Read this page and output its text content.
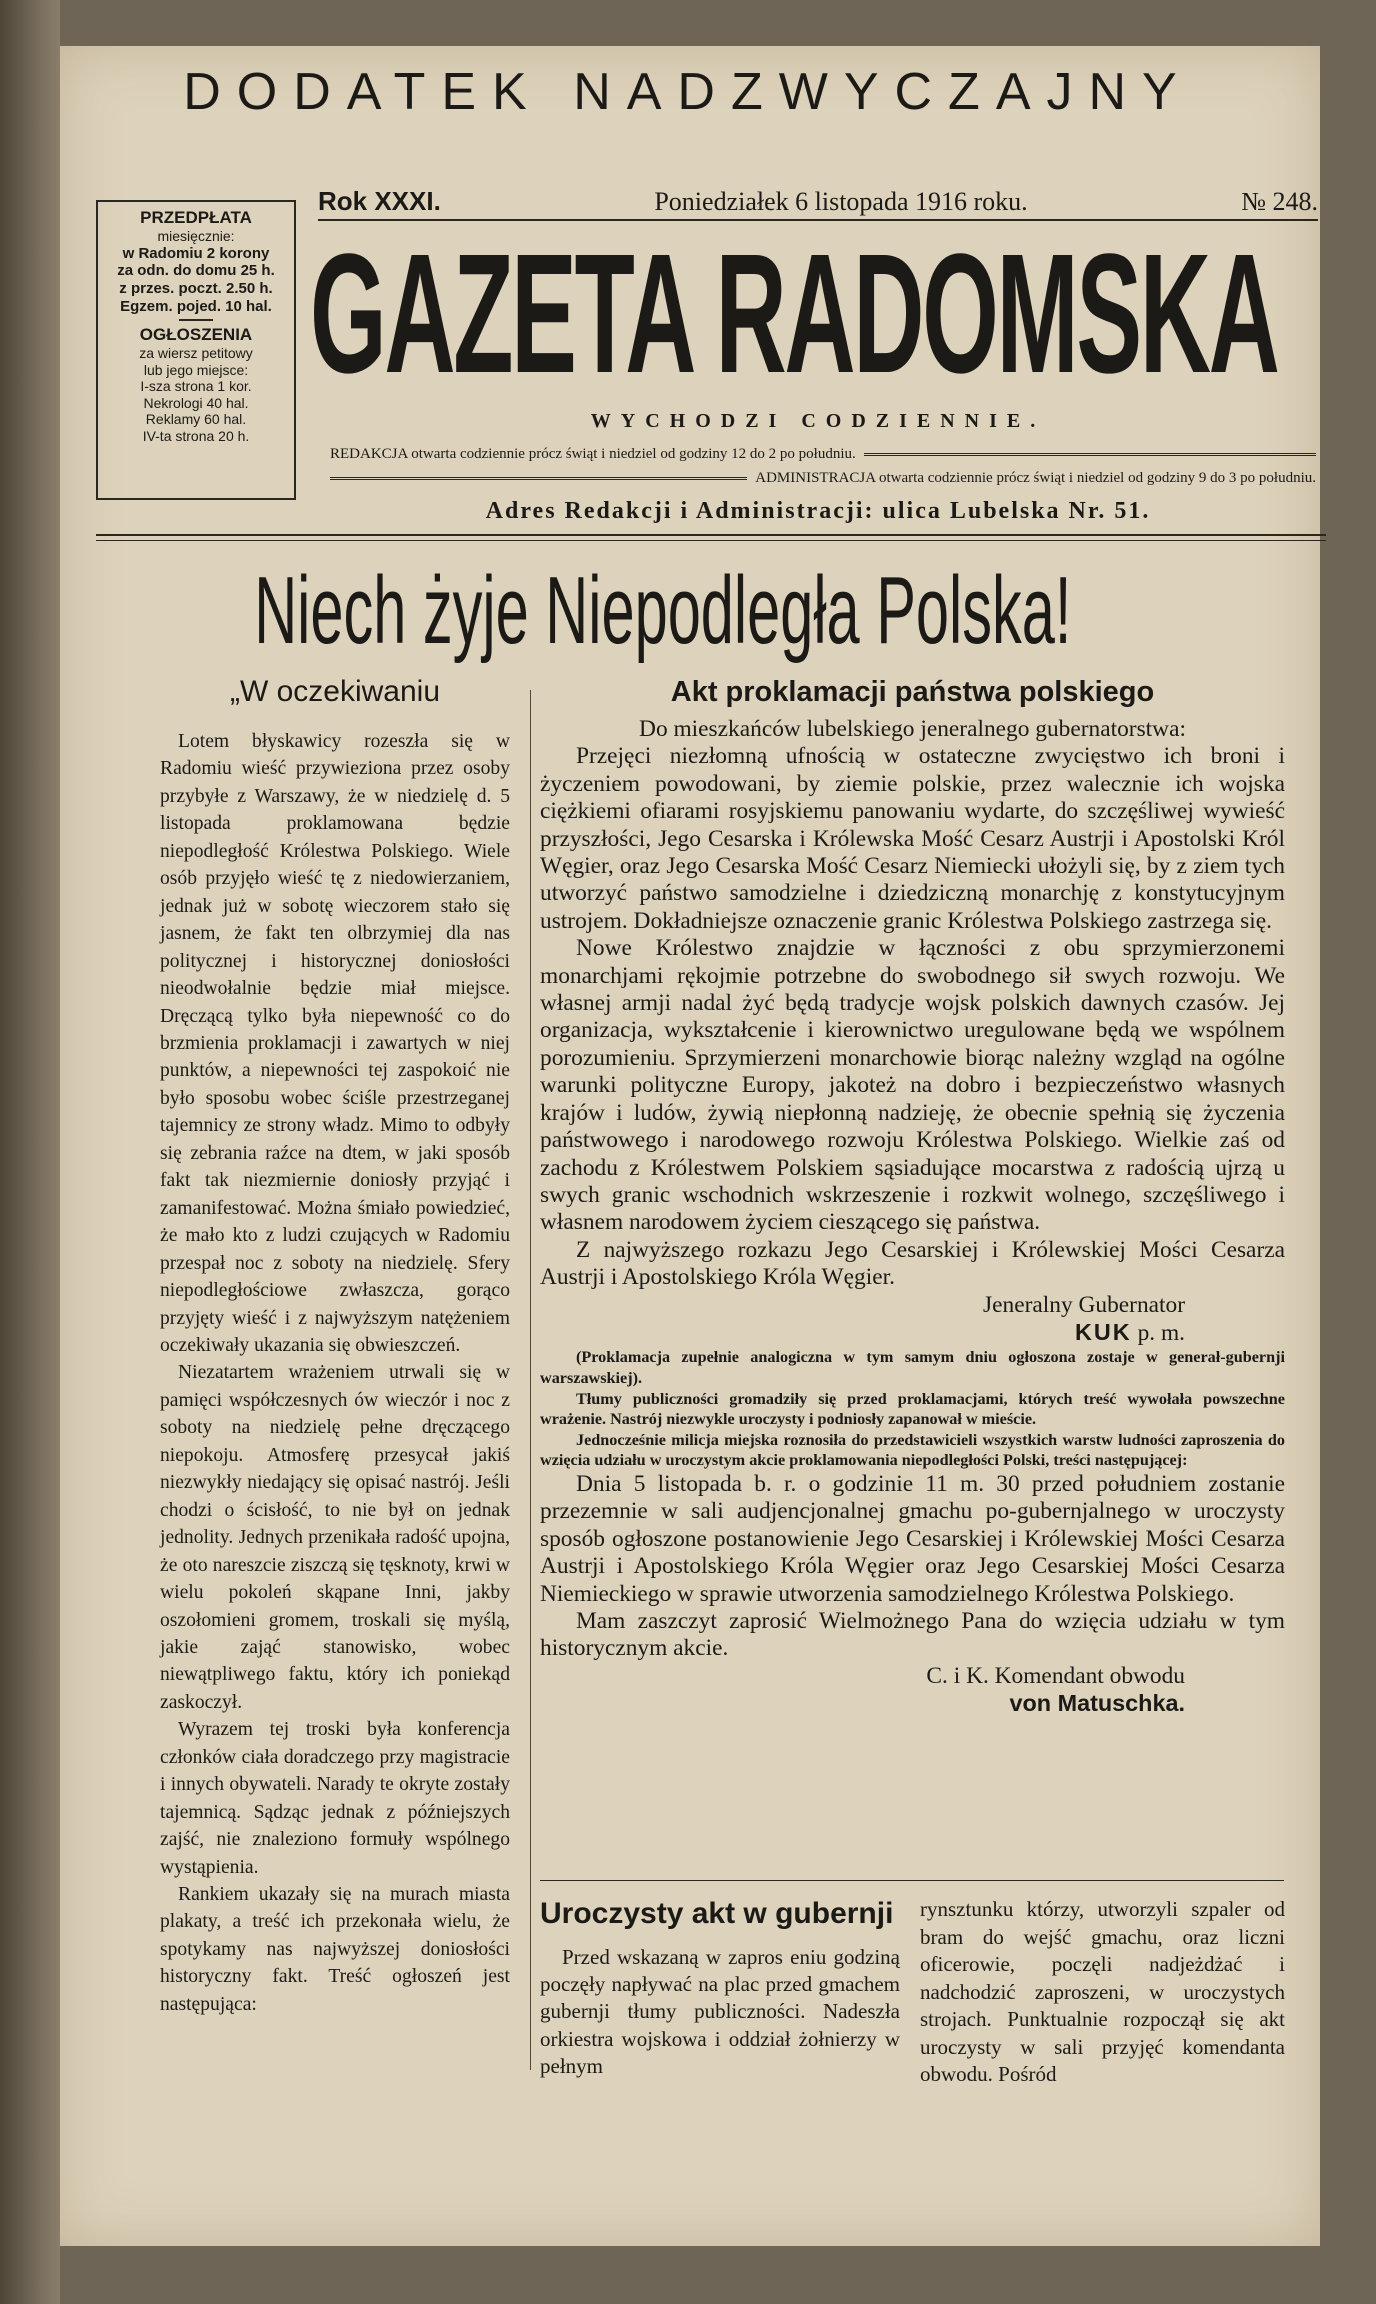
DODATEK NADZWYCZAJNY
PRZEDPŁATA
miesięcznie:
w Radomiu 2 korony
za odn. do domu 25 h.
z przes. poczt. 2.50 h.
Egzem. pojed. 10 hal.
OGŁOSZENIA
za wiersz petitowy
lub jego miejsce:
I-sza strona 1 kor.
Nekrologi 40 hal.
Reklamy 60 hal.
IV-ta strona 20 h.
Rok XXXI.	Poniedziałek 6 listopada 1916 roku.	№ 248.
GAZETA RADOMSKA
WYCHODZI CODZIENNIE.
REDAKCJA otwarta codziennie prócz świąt i niedziel od godziny 12 do 2 po południu.
ADMINISTRACJA otwarta codziennie prócz świąt i niedziel od godziny 9 do 3 po południu.
Adres Redakcji i Administracji: ulica Lubelska Nr. 51.
Niech żyje Niepodległa Polska!
„W oczekiwaniu

Lotem błyskawicy rozeszła się w Radomiu wieść przywieziona przez osoby przybyłe z Warszawy, że w niedzielę d. 5 listopada proklamowana będzie niepodległość Królestwa Polskiego. Wiele osób przyjęło wieść tę z niedowierzaniem, jednak już w sobotę wieczorem stało się jasnem, że fakt ten olbrzymiej dla nas politycznej i historycznej doniosłości nieodwołalnie będzie miał miejsce. Dręczącą tylko była niepewność co do brzmienia proklamacji i zawartych w niej punktów, a niepewności tej zaspokoić nie było sposobu wobec ściśle przestrzeganej tajemnicy ze strony władz. Mimo to odbyły się zebrania raźce na dtem, w jaki sposób fakt tak niezmiernie doniosły przyjąć i zamanifestować. Można śmiało powiedzieć, że mało kto z ludzi czujących w Radomiu przespał noc z soboty na niedzielę. Sfery niepodległościowe zwłaszcza, gorąco przyjęty wieść i z najwyższym natężeniem oczekiwały ukazania się obwieszczeń.

Niezatartem wrażeniem utrwali się w pamięci współczesnych ów wieczór i noc z soboty na niedzielę pełne dręczącego niepokoju. Atmosferę przesycał jakiś niezwykły niedający się opisać nastrój. Jeśli chodzi o ścisłość, to nie był on jednak jednolity. Jednych przenikała radość upojna, że oto nareszcie ziszczą się tęsknoty, krwi w wielu pokoleń skąpane Inni, jakby oszołomieni gromem, troskali się myślą, jakie zająć stanowisko, wobec niewątpliwego faktu, który ich poniekąd zaskoczył.

Wyrazem tej troski była konferencja członków ciała doradczego przy magistracie i innych obywateli. Narady te okryte zostały tajemnicą. Sądząc jednak z późniejszych zajść, nie znaleziono formuły wspólnego wystąpienia.

Rankiem ukazały się na murach miasta plakaty, a treść ich przekonała wielu, że spotykamy nas najwyższej doniosłości historyczny fakt. Treść ogłoszeń jest następująca:

Akt proklamacji państwa polskiego

Do mieszkańców lubelskiego jeneralnego gubernatorstwa:

Przejęci niezłomną ufnością w ostateczne zwycięstwo ich broni i życzeniem powodowani, by ziemie polskie, przez walecznie ich wojska ciężkiemi ofiarami rosyjskiemu panowaniu wydarte, do szczęśliwej wywieść przyszłości, Jego Cesarska i Królewska Mość Cesarz Austrji i Apostolski Król Węgier, oraz Jego Cesarska Mość Cesarz Niemiecki ułożyli się, by z ziem tych utworzyć państwo samodzielne i dziedziczną monarchję z konstytucyjnym ustrojem. Dokładniejsze oznaczenie granic Królestwa Polskiego zastrzega się.

Nowe Królestwo znajdzie w łączności z obu sprzymierzonemi monarchjami rękojmie potrzebne do swobodnego sił swych rozwoju. We własnej armji nadal żyć będą tradycje wojsk polskich dawnych czasów. Jej organizacja, wykształcenie i kierownictwo uregulowane będą we wspólnem porozumieniu. Sprzymierzeni monarchowie biorąc należny wzgląd na ogólne warunki polityczne Europy, jakoteż na dobro i bezpieczeństwo własnych krajów i ludów, żywią niepłonną nadzieję, że obecnie spełnią się życzenia państwowego i narodowego rozwoju Królestwa Polskiego. Wielkie zaś od zachodu z Królestwem Polskiem sąsiadujące mocarstwa z radością ujrzą u swych granic wschodnich wskrzeszenie i rozkwit wolnego, szczęśliwego i własnem narodowem życiem cieszącego się państwa.

Z najwyższego rozkazu Jego Cesarskiej i Królewskiej Mości Cesarza Austrji i Apostolskiego Króla Węgier.

Jeneralny Gubernator

KUK p. m.

(Proklamacja zupełnie analogiczna w tym samym dniu ogłoszona zostaje w generał-gubernji warszawskiej).

Tłumy publiczności gromadziły się przed proklamacjami, których treść wywołała powszechne wrażenie. Nastrój niezwykle uroczysty i podniosły zapanował w mieście.

Jednocześnie milicja miejska roznosiła do przedstawicieli wszystkich warstw ludności zaproszenia do wzięcia udziału w uroczystym akcie proklamowania niepodległości Polski, treści następującej:

Dnia 5 listopada b. r. o godzinie 11 m. 30 przed południem zostanie przezemnie w sali audjencjonalnej gmachu po-gubernjalnego w uroczysty sposób ogłoszone postanowienie Jego Cesarskiej i Królewskiej Mości Cesarza Austrji i Apostolskiego Króla Węgier oraz Jego Cesarskiej Mości Cesarza Niemieckiego w sprawie utworzenia samodzielnego Królestwa Polskiego.

Mam zaszczyt zaprosić Wielmożnego Pana do wzięcia udziału w tym historycznym akcie.

C. i K. Komendant obwodu

von Matuschka.

Uroczysty akt w gubernji

Przed wskazaną w zapros eniu godziną poczęły napływać na plac przed gmachem gubernji tłumy publiczności. Nadeszła orkiestra wojskowa i oddział żołnierzy w pełnym

rynsztunku którzy, utworzyli szpaler od bram do wejść gmachu, oraz liczni oficerowie, poczęli nadjeżdżać i nadchodzić zaproszeni, w uroczystych strojach. Punktualnie rozpoczął się akt uroczysty w sali przyjęć komendanta obwodu. Pośród
